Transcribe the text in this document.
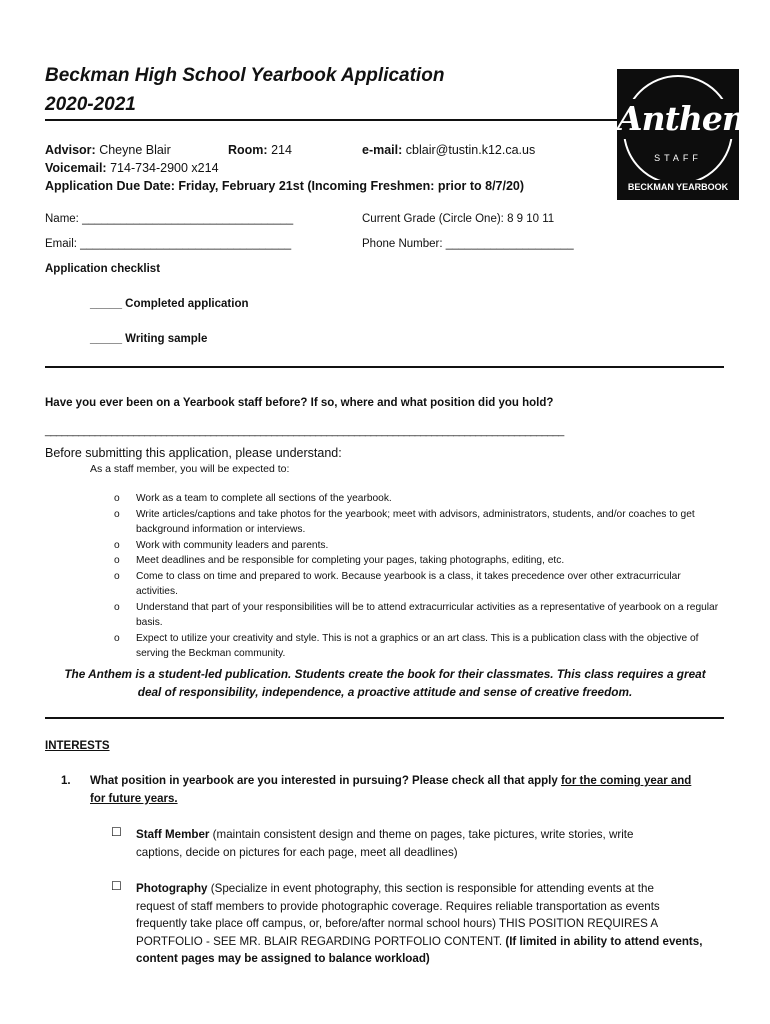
Beckman High School Yearbook Application
2020-2021	Anthem
STAFF
BECKMAN YEARBOOK
Advisor: Cheyne Blair	Room: 214	e-mail: cblair@tustin.k12.ca.us
Voicemail: 714-734-2900 x214
Application Due Date: Friday, February 21st (Incoming Freshmen: prior to 8/7/20)
Name: _________________________________	Current Grade (Circle One): 8 9 10 11
Email: _________________________________	Phone Number: ____________________
Application checklist
_____ Completed application
_____ Writing sample
Have you ever been on a Yearbook staff before? If so, where and what position did you hold?
______________________________________________________________________________________________
Before submitting this application, please understand:
As a staff member, you will be expected to:
o Work as a team to complete all sections of the yearbook.
o Write articles/captions and take photos for the yearbook; meet with advisors, administrators, students, and/or coaches to get background information or interviews.
o Work with community leaders and parents.
o Meet deadlines and be responsible for completing your pages, taking photographs, editing, etc.
o Come to class on time and prepared to work. Because yearbook is a class, it takes precedence over other extracurricular activities.
o Understand that part of your responsibilities will be to attend extracurricular activities as a representative of yearbook on a regular basis.
o Expect to utilize your creativity and style. This is not a graphics or an art class. This is a publication class with the objective of serving the Beckman community.
The Anthem is a student-led publication. Students create the book for their classmates. This class requires a great
deal of responsibility, independence, a proactive attitude and sense of creative freedom.
INTERESTS
1. What position in yearbook are you interested in pursuing? Please check all that apply for the coming year and
for future years.
☐ Staff Member (maintain consistent design and theme on pages, take pictures, write stories, write
captions, decide on pictures for each page, meet all deadlines)
☐ Photography (Specialize in event photography, this section is responsible for attending events at the
request of staff members to provide photographic coverage. Requires reliable transportation as events
frequently take place off campus, or, before/after normal school hours) THIS POSITION REQUIRES A
PORTFOLIO - SEE MR. BLAIR REGARDING PORTFOLIO CONTENT. (If limited in ability to attend events,
content pages may be assigned to balance workload)
